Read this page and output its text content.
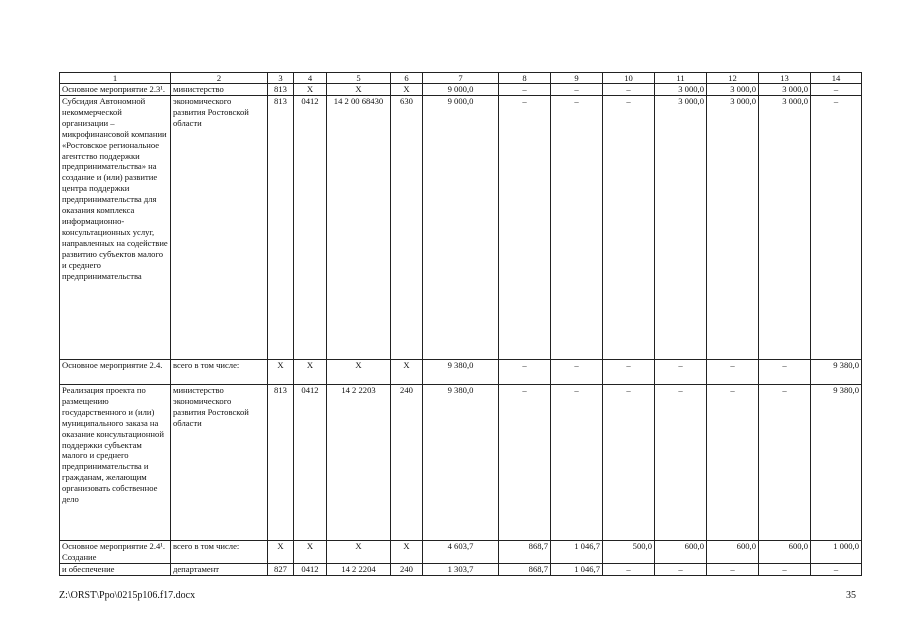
1	2	3	4	5	6	7	8	9	10	11	12	13	14
Основное мероприятие 2.3¹.	министерство	813	Х	Х	Х	9 000,0	–	–	–	3 000,0	3 000,0	3 000,0	–
Субсидия Автономной некоммерческой организации – микрофинансовой компании «Ростовское региональное агентство поддержки предпринимательства» на создание и (или) развитие центра поддержки предпринимательства для оказания комплекса информационно-консультационных услуг, направленных на содействие развитию субъектов малого и среднего предпринимательства	экономического развития Ростовской области	813	0412	14 2 00 68430	630	9 000,0	–	–	–	3 000,0	3 000,0	3 000,0	–
Основное мероприятие 2.4.	всего в том числе:	Х	Х	Х	Х	9 380,0	–	–	–	–	–	–	9 380,0
Реализация проекта по размещению государственного и (или) муниципального заказа на оказание консультационной поддержки субъектам малого и среднего предпринимательства и гражданам, желающим организовать собственное дело	министерство экономического развития Ростовской области	813	0412	14 2 2203	240	9 380,0	–	–	–	–	–	–	9 380,0
Основное мероприятие 2.4¹. Создание	всего в том числе:	Х	Х	Х	Х	4 603,7	868,7	1 046,7	500,0	600,0	600,0	600,0	1 000,0
и обеспечение	департамент	827	0412	14 2 2204	240	1 303,7	868,7	1 046,7	–	–	–	–	–
Z:\ORST\Ppo\0215p106.f17.docx	35
